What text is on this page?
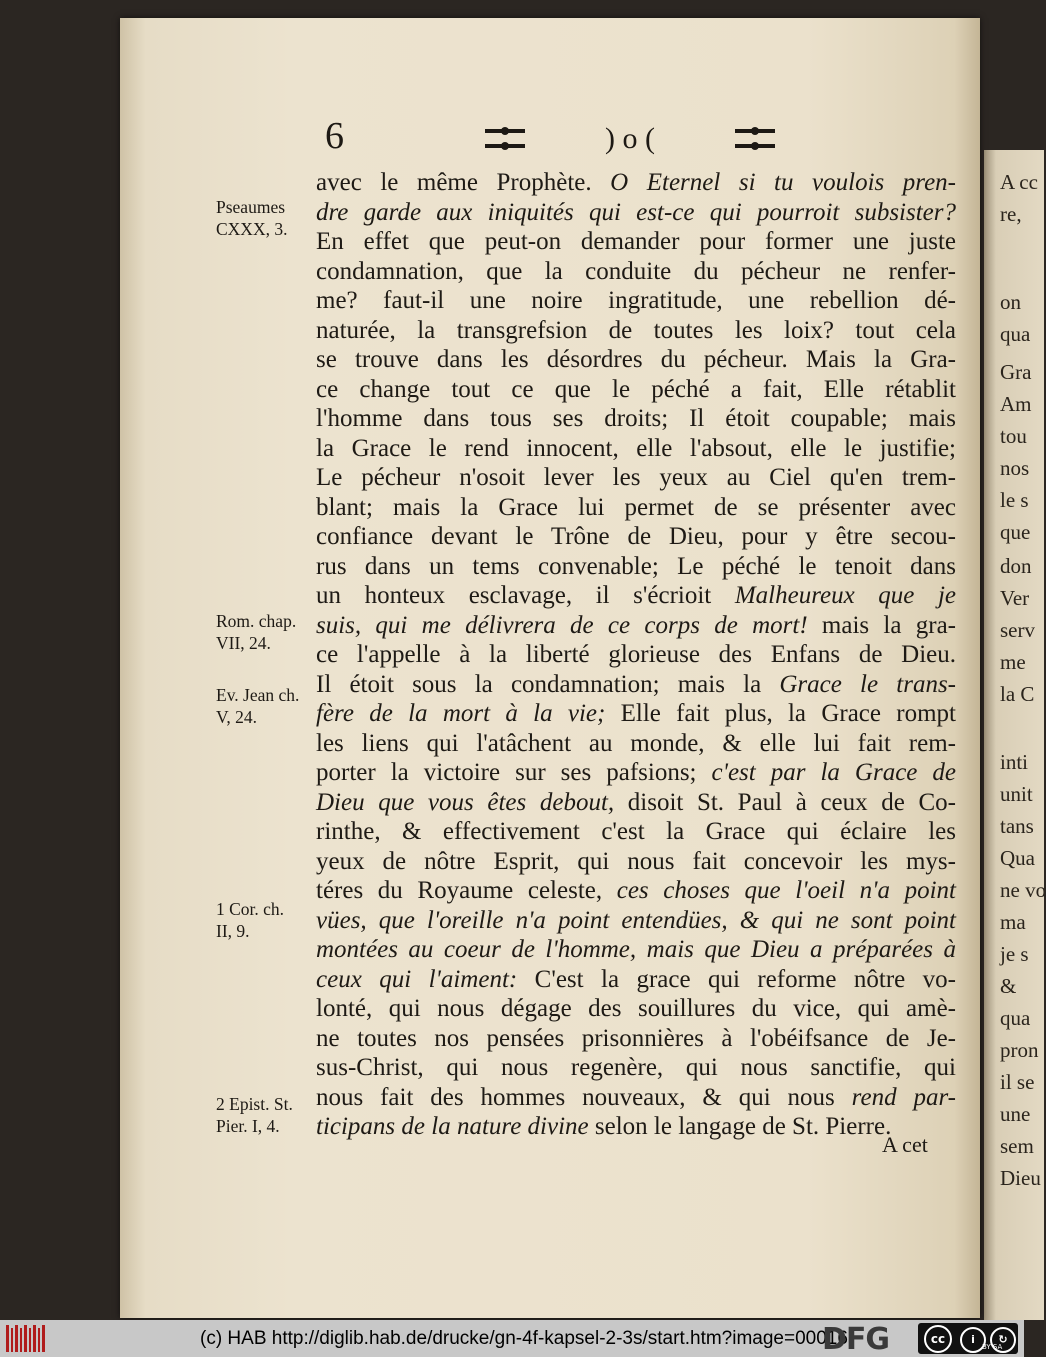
A cc
re,
on
qua
Gra
Am
tou
nos
le s
que
don
Ver
serv
me
la C
inti
unit
tans
Qua
ne vo
ma
je s
&
qua
pron
il se
une
sem
Dieu
6	) o (
Pseaumes
CXXX, 3.
Rom. chap.
VII, 24.
Ev. Jean ch.
V, 24.
1 Cor. ch.
II, 9.
2 Epist. St.
Pier. I, 4.
avec le même Prophète. O Eternel si tu voulois pren-
dre garde aux iniquités qui est-ce qui pourroit subsister?
En effet que peut-on demander pour former une juste
condamnation, que la conduite du pécheur ne renfer-
me? faut-il une noire ingratitude, une rebellion dé-
naturée, la transgrefsion de toutes les loix? tout cela
se trouve dans les désordres du pécheur. Mais la Gra-
ce change tout ce que le péché a fait, Elle rétablit
l'homme dans tous ses droits; Il étoit coupable; mais
la Grace le rend innocent, elle l'absout, elle le justifie;
Le pécheur n'osoit lever les yeux au Ciel qu'en trem-
blant; mais la Grace lui permet de se présenter avec
confiance devant le Trône de Dieu, pour y être secou-
rus dans un tems convenable; Le péché le tenoit dans
un honteux esclavage, il s'écrioit Malheureux que je
suis, qui me délivrera de ce corps de mort! mais la gra-
ce l'appelle à la liberté glorieuse des Enfans de Dieu.
Il étoit sous la condamnation; mais la Grace le trans-
fère de la mort à la vie; Elle fait plus, la Grace rompt
les liens qui l'atâchent au monde, & elle lui fait rem-
porter la victoire sur ses pafsions; c'est par la Grace de
Dieu que vous êtes debout, disoit St. Paul à ceux de Co-
rinthe, & effectivement c'est la Grace qui éclaire les
yeux de nôtre Esprit, qui nous fait concevoir les mys-
téres du Royaume celeste, ces choses que l'oeil n'a point
vües, que l'oreille n'a point entendües, & qui ne sont point
montées au coeur de l'homme, mais que Dieu a préparées à
ceux qui l'aiment: C'est la grace qui reforme nôtre vo-
lonté, qui nous dégage des souillures du vice, qui amè-
ne toutes nos pensées prisonnières à l'obéifsance de Je-
sus-Christ, qui nous regenère, qui nous sanctifie, qui
nous fait des hommes nouveaux, & qui nous rend par-
ticipans de la nature divine selon le langage de St. Pierre.
A cet
(c) HAB http://diglib.hab.de/drucke/gn-4f-kapsel-2-3s/start.htm?image=00016
DFG	cc	i	↻
BY SA
